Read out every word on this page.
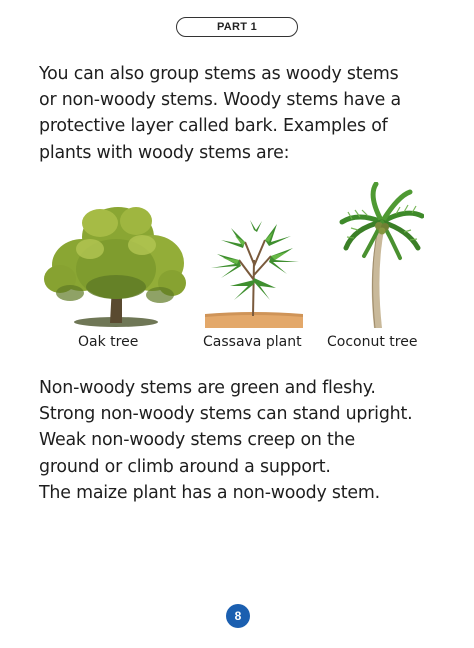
PART 1

You can also group stems as woody stems
or non-woody stems. Woody stems have a
protective layer called bark. Examples of
plants with woody stems are:

Oak tree	Cassava plant Coconut tree

Non-woody stems are green and fleshy.
Strong non-woody stems can stand upright.
Weak non-woody stems creep on the
ground or climb around a support.
The maize plant has a non-woody stem.

8
